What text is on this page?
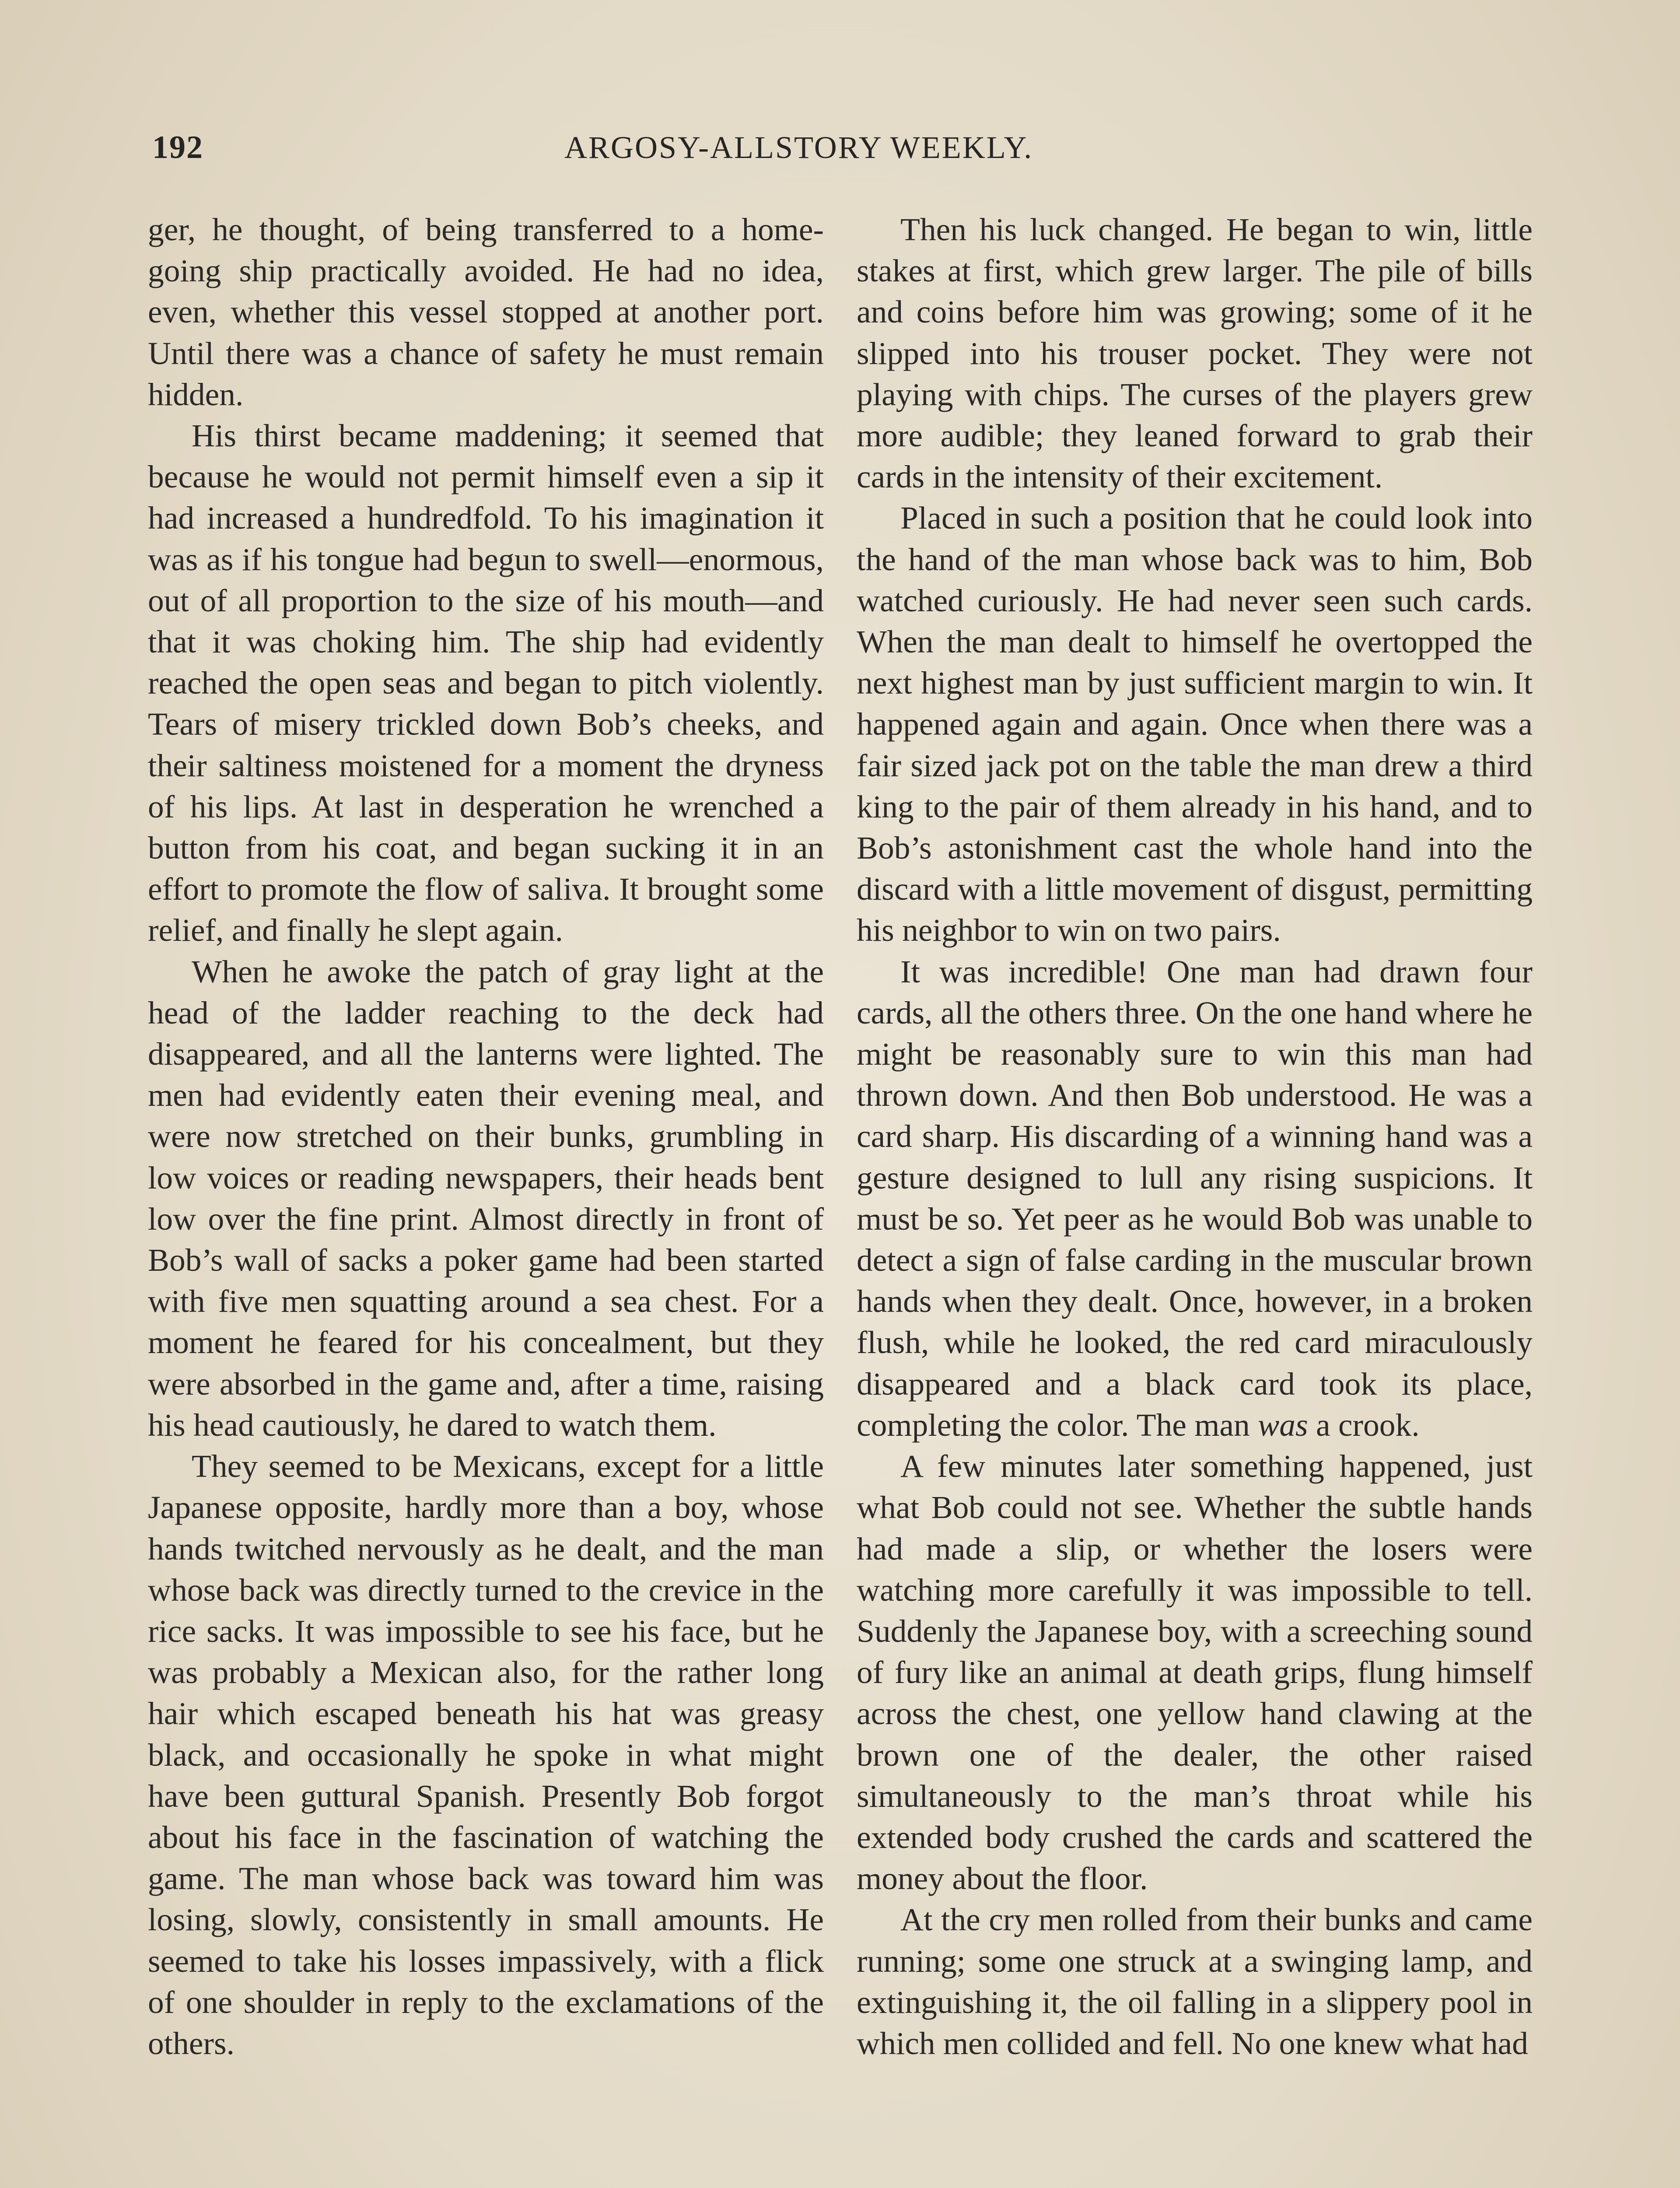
192	ARGOSY-ALLSTORY WEEKLY.

ger, he thought, of being transferred to a home-going ship practically avoided. He had no idea, even, whether this vessel stopped at another port. Until there was a chance of safety he must remain hidden.

His thirst became maddening; it seemed that because he would not permit himself even a sip it had increased a hundredfold. To his imagination it was as if his tongue had begun to swell—enormous, out of all proportion to the size of his mouth—and that it was choking him. The ship had evidently reached the open seas and began to pitch violently. Tears of misery trickled down Bob’s cheeks, and their saltiness moistened for a moment the dryness of his lips. At last in desperation he wrenched a button from his coat, and began sucking it in an effort to promote the flow of saliva. It brought some relief, and finally he slept again.

When he awoke the patch of gray light at the head of the ladder reaching to the deck had disappeared, and all the lanterns were lighted. The men had evidently eaten their evening meal, and were now stretched on their bunks, grumbling in low voices or reading newspapers, their heads bent low over the fine print. Almost directly in front of Bob’s wall of sacks a poker game had been started with five men squatting around a sea chest. For a moment he feared for his concealment, but they were absorbed in the game and, after a time, raising his head cautiously, he dared to watch them.

They seemed to be Mexicans, except for a little Japanese opposite, hardly more than a boy, whose hands twitched nervously as he dealt, and the man whose back was directly turned to the crevice in the rice sacks. It was impossible to see his face, but he was probably a Mexican also, for the rather long hair which escaped beneath his hat was greasy black, and occasionally he spoke in what might have been guttural Spanish. Presently Bob forgot about his face in the fascination of watching the game. The man whose back was toward him was losing, slowly, consistently in small amounts. He seemed to take his losses impassively, with a flick of one shoulder in reply to the exclamations of the others.

Then his luck changed. He began to win, little stakes at first, which grew larger. The pile of bills and coins before him was growing; some of it he slipped into his trouser pocket. They were not playing with chips. The curses of the players grew more audible; they leaned forward to grab their cards in the intensity of their excitement.

Placed in such a position that he could look into the hand of the man whose back was to him, Bob watched curiously. He had never seen such cards. When the man dealt to himself he overtopped the next highest man by just sufficient margin to win. It happened again and again. Once when there was a fair sized jack pot on the table the man drew a third king to the pair of them already in his hand, and to Bob’s astonishment cast the whole hand into the discard with a little movement of disgust, permitting his neighbor to win on two pairs.

It was incredible! One man had drawn four cards, all the others three. On the one hand where he might be reasonably sure to win this man had thrown down. And then Bob understood. He was a card sharp. His discarding of a winning hand was a gesture designed to lull any rising suspicions. It must be so. Yet peer as he would Bob was unable to detect a sign of false carding in the muscular brown hands when they dealt. Once, however, in a broken flush, while he looked, the red card miraculously disappeared and a black card took its place, completing the color. The man was a crook.

A few minutes later something happened, just what Bob could not see. Whether the subtle hands had made a slip, or whether the losers were watching more carefully it was impossible to tell. Suddenly the Japanese boy, with a screeching sound of fury like an animal at death grips, flung himself across the chest, one yellow hand clawing at the brown one of the dealer, the other raised simultaneously to the man’s throat while his extended body crushed the cards and scattered the money about the floor.

At the cry men rolled from their bunks and came running; some one struck at a swinging lamp, and extinguishing it, the oil falling in a slippery pool in which men collided and fell. No one knew what had
